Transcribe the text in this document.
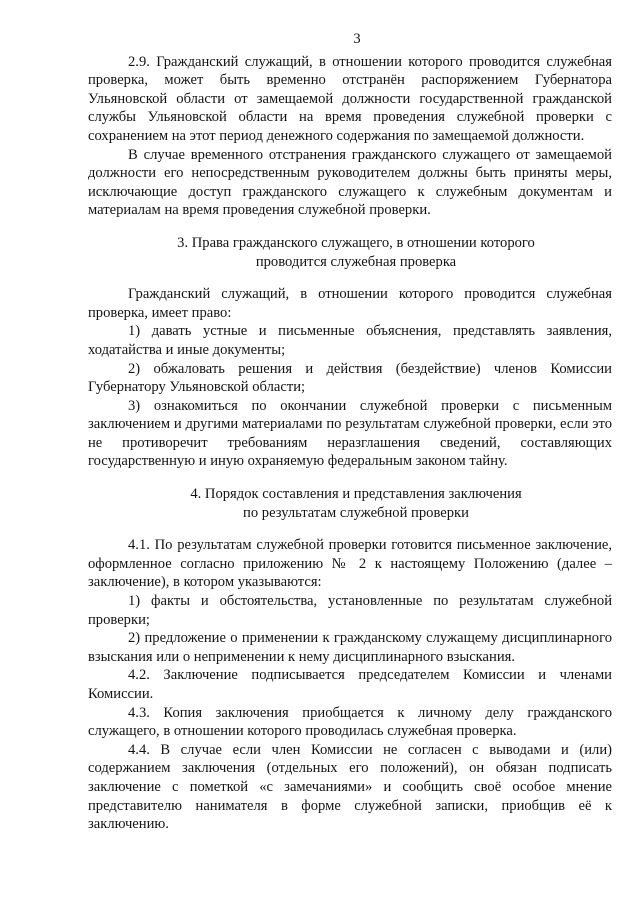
3

2.9. Гражданский служащий, в отношении которого проводится служебная проверка, может быть временно отстранён распоряжением Губернатора Ульяновской области от замещаемой должности государственной гражданской службы Ульяновской области на время проведения служебной проверки с сохранением на этот период денежного содержания по замещаемой должности.

В случае временного отстранения гражданского служащего от замещаемой должности его непосредственным руководителем должны быть приняты меры, исключающие доступ гражданского служащего к служебным документам и материалам на время проведения служебной проверки.

3. Права гражданского служащего, в отношении которого
проводится служебная проверка

Гражданский служащий, в отношении которого проводится служебная проверка, имеет право:

1) давать устные и письменные объяснения, представлять заявления, ходатайства и иные документы;

2) обжаловать решения и действия (бездействие) членов Комиссии Губернатору Ульяновской области;

3) ознакомиться по окончании служебной проверки с письменным заключением и другими материалами по результатам служебной проверки, если это не противоречит требованиям неразглашения сведений, составляющих государственную и иную охраняемую федеральным законом тайну.

4. Порядок составления и представления заключения
по результатам служебной проверки

4.1. По результатам служебной проверки готовится письменное заключение, оформленное согласно приложению № 2 к настоящему Положению (далее – заключение), в котором указываются:

1) факты и обстоятельства, установленные по результатам служебной проверки;

2) предложение о применении к гражданскому служащему дисциплинарного взыскания или о неприменении к нему дисциплинарного взыскания.

4.2. Заключение подписывается председателем Комиссии и членами Комиссии.

4.3. Копия заключения приобщается к личному делу гражданского служащего, в отношении которого проводилась служебная проверка.

4.4. В случае если член Комиссии не согласен с выводами и (или) содержанием заключения (отдельных его положений), он обязан подписать заключение с пометкой «с замечаниями» и сообщить своё особое мнение представителю нанимателя в форме служебной записки, приобщив её к заключению.
